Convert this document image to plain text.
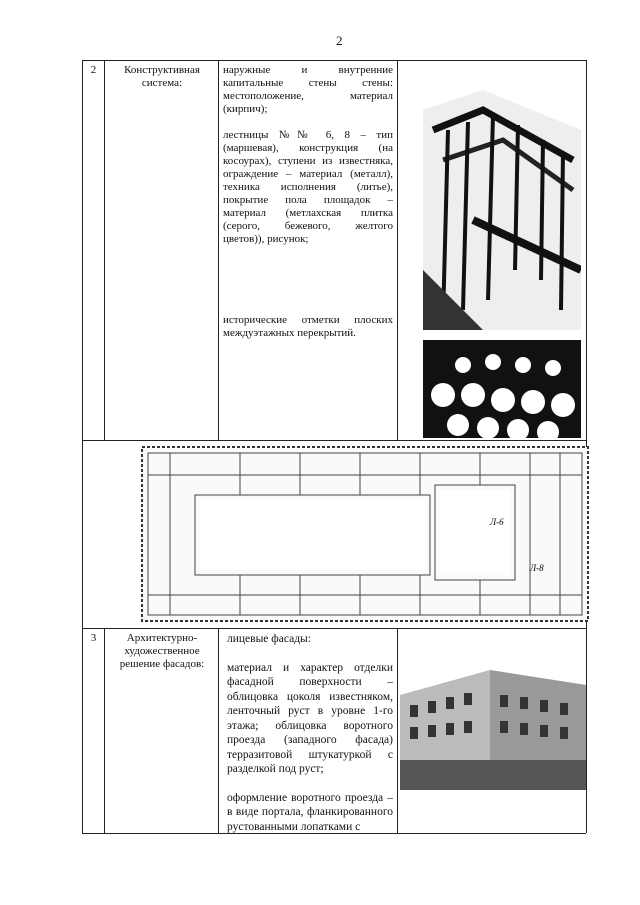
2
2	Конструктивная система:

наружные и внутренние капитальные стены стены: местоположение, материал (кирпич);

лестницы №№ 6, 8 – тип (маршевая), конструкция (на косоурах), ступени из известняка, ограждение – материал (металл), техника исполнения (литье), покрытие пола площадок – материал (метлахская плитка (серого, бежевого, желтого цветов)), рисунок;

исторические отметки плоских междуэтажных перекрытий.
Л-6
Л-8
3	Архитектурно-художественное решение фасадов:

лицевые фасады:

материал и характер отделки фасадной поверхности – облицовка цоколя известняком, ленточный руст в уровне 1-го этажа; облицовка воротного проезда (западного фасада) терразитовой штукатуркой с разделкой под руст;

оформление воротного проезда – в виде портала, фланкированного рустованными лопатками с
